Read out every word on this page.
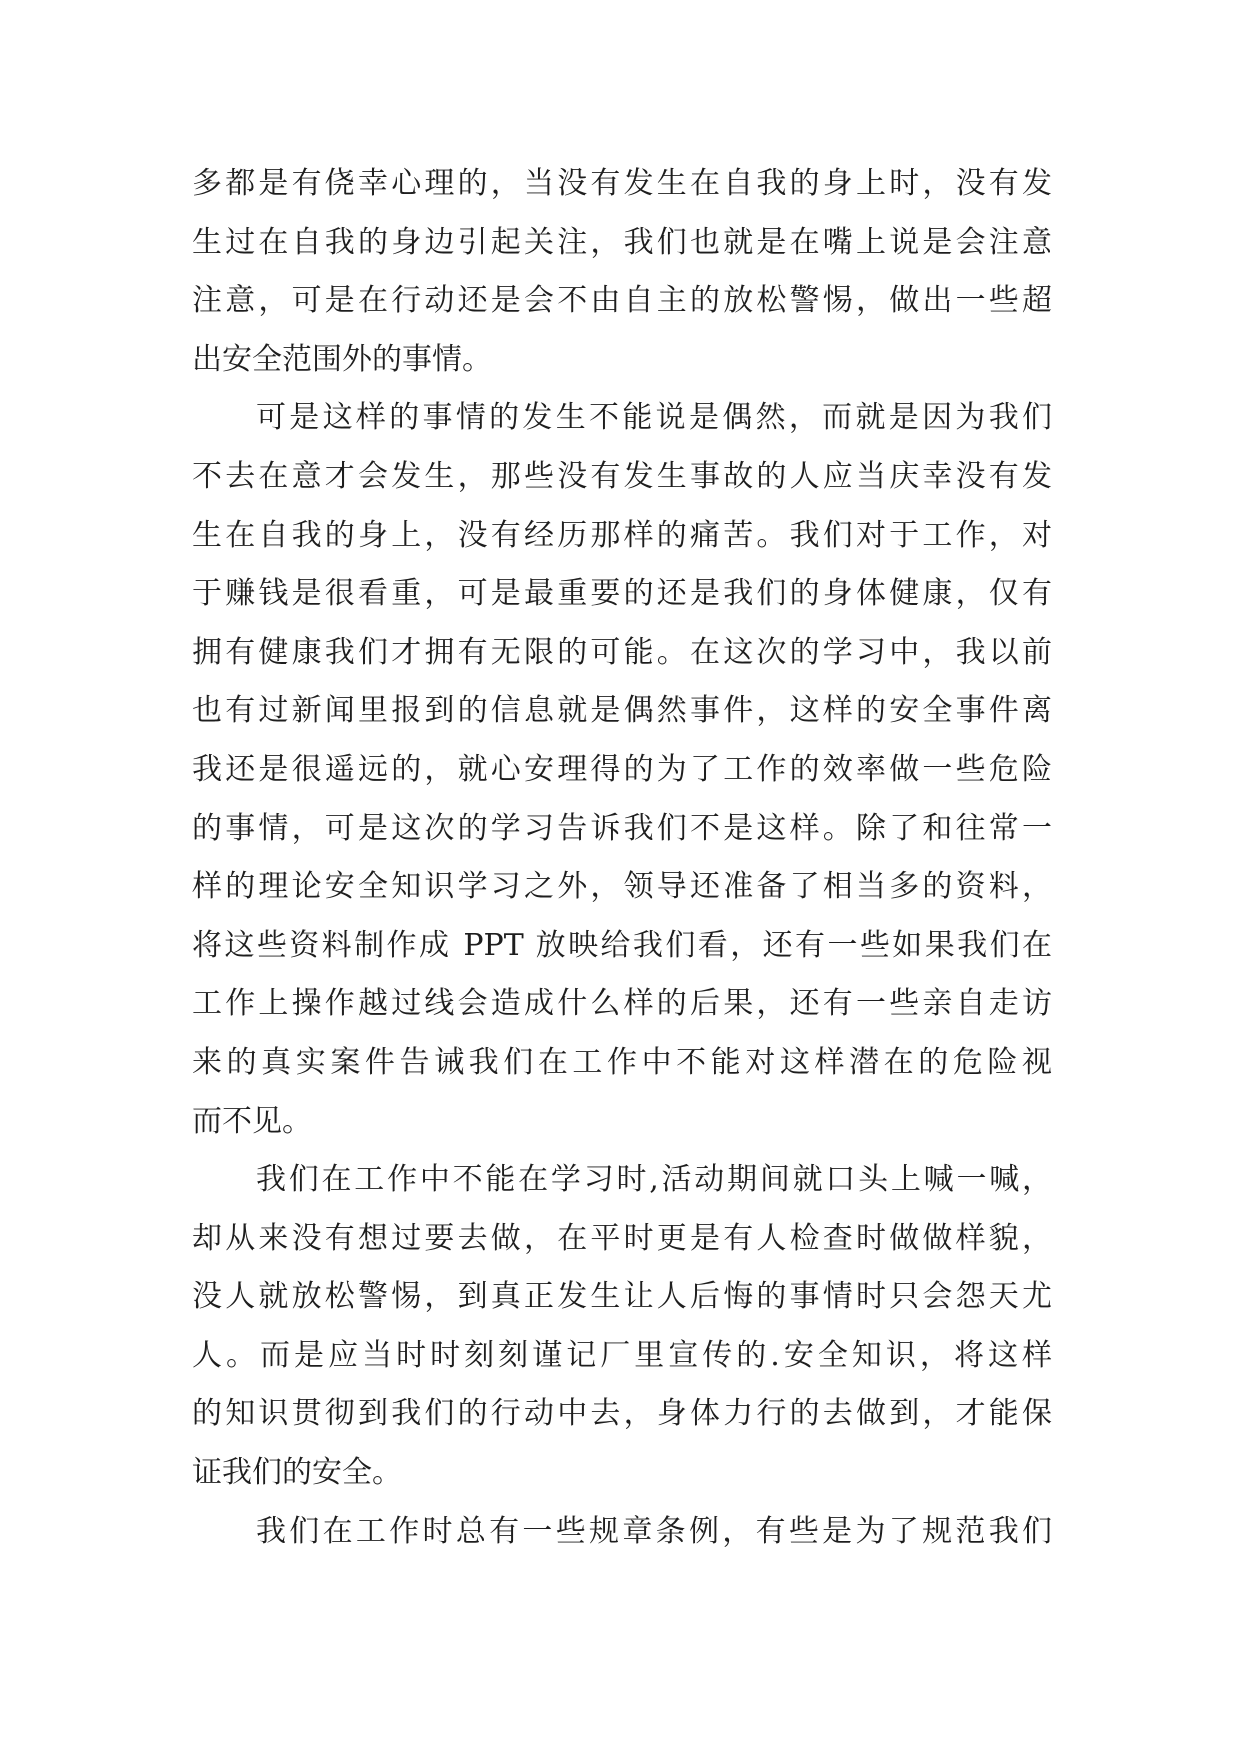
多都是有侥幸心理的，当没有发生在自我的身上时，没有发
生过在自我的身边引起关注，我们也就是在嘴上说是会注意
注意，可是在行动还是会不由自主的放松警惕，做出一些超
出安全范围外的事情。
可是这样的事情的发生不能说是偶然，而就是因为我们
不去在意才会发生，那些没有发生事故的人应当庆幸没有发
生在自我的身上，没有经历那样的痛苦。我们对于工作，对
于赚钱是很看重，可是最重要的还是我们的身体健康，仅有
拥有健康我们才拥有无限的可能。在这次的学习中，我以前
也有过新闻里报到的信息就是偶然事件，这样的安全事件离
我还是很遥远的，就心安理得的为了工作的效率做一些危险
的事情，可是这次的学习告诉我们不是这样。除了和往常一
样的理论安全知识学习之外，领导还准备了相当多的资料，
将这些资料制作成 PPT 放映给我们看，还有一些如果我们在
工作上操作越过线会造成什么样的后果，还有一些亲自走访
来的真实案件告诫我们在工作中不能对这样潜在的危险视
而不见。
我们在工作中不能在学习时,活动期间就口头上喊一喊，
却从来没有想过要去做，在平时更是有人检查时做做样貌，
没人就放松警惕，到真正发生让人后悔的事情时只会怨天尤
人。而是应当时时刻刻谨记厂里宣传的.安全知识，将这样
的知识贯彻到我们的行动中去，身体力行的去做到，才能保
证我们的安全。
我们在工作时总有一些规章条例，有些是为了规范我们
